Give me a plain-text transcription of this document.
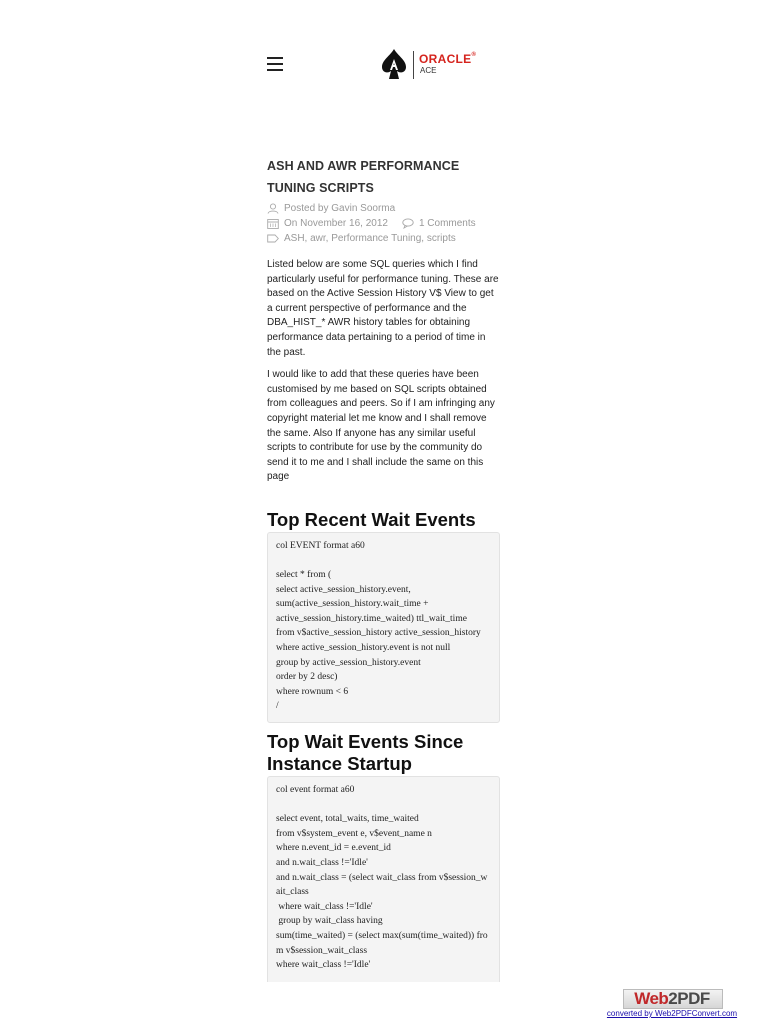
ORACLE®
ACE
ASH AND AWR PERFORMANCE TUNING SCRIPTS
Posted by Gavin Soorma
On November 16, 2012	1 Comments
ASH, awr, Performance Tuning, scripts

Listed below are some SQL queries which I find particularly useful for performance tuning. These are based on the Active Session History V$ View to get a current perspective of performance and the DBA_HIST_* AWR history tables for obtaining performance data pertaining to a period of time in the past.

I would like to add that these queries have been customised by me based on SQL scripts obtained from colleagues and peers. So if I am infringing any copyright material let me know and I shall remove the same. Also If anyone has any similar useful scripts to contribute for use by the community do send it to me and I shall include the same on this page

Top Recent Wait Events
col EVENT format a60

select * from (
select active_session_history.event,
sum(active_session_history.wait_time +
active_session_history.time_waited) ttl_wait_time
from v$active_session_history active_session_history
where active_session_history.event is not null
group by active_session_history.event
order by 2 desc)
where rownum < 6
/
Top Wait Events Since Instance Startup
col event format a60

select event, total_waits, time_waited
from v$system_event e, v$event_name n
where n.event_id = e.event_id
and n.wait_class !='Idle'
and n.wait_class = (select wait_class from v$session_wait_class
where wait_class !='Idle'
group by wait_class having
sum(time_waited) = (select max(sum(time_waited)) from v$session_wait_class
where wait_class !='Idle'
Web2PDF
converted by Web2PDFConvert.com
